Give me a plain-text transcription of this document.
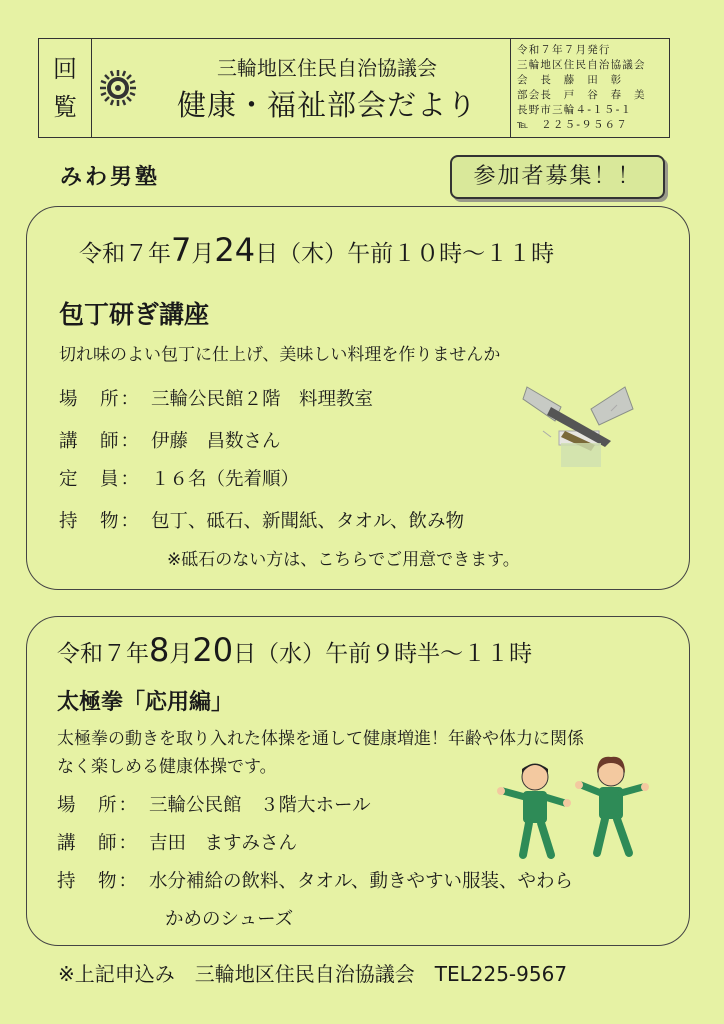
回
覧
三輪地区住民自治協議会
健康・福祉部会だより
令和７年７月発行
三輪地区住民自治協議会
会　長　藤　田　彰
部会長　戸　谷　春　美
長野市三輪４-１５-１
℡　２２５-９５６７
みわ男塾	参加者募集！！
令和７年7月24日（木）午前１０時～１１時
包丁研ぎ講座
切れ味のよい包丁に仕上げ、美味しい料理を作りませんか
場　所： 三輪公民館２階　料理教室
講　師： 伊藤　昌数さん
定　員： １６名（先着順）
持　物： 包丁、砥石、新聞紙、タオル、飲み物
※砥石のない方は、こちらでご用意できます。
令和７年8月20日（水）午前９時半～１１時
太極拳「応用編」
太極拳の動きを取り入れた体操を通して健康増進！年齢や体力に関係
なく楽しめる健康体操です。
場　所： 三輪公民館　３階大ホール
講　師： 吉田　ますみさん
持　物： 水分補給の飲料、タオル、動きやすい服装、やわら
かめのシューズ
※上記申込み　三輪地区住民自治協議会　TEL225-9567
